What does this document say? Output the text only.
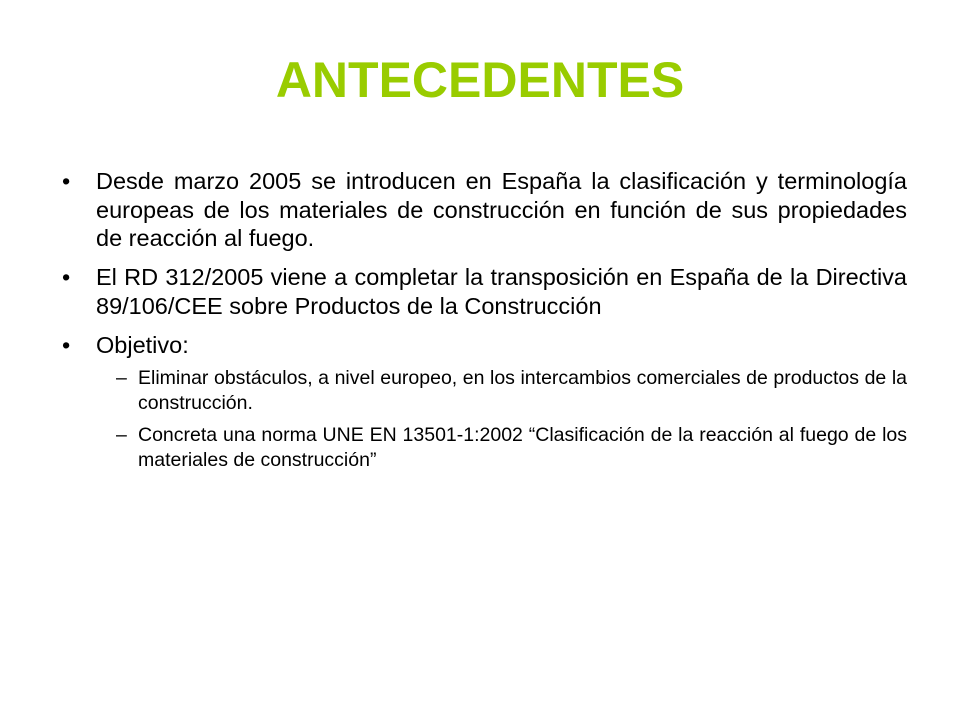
ANTECEDENTES
• Desde marzo 2005 se introducen en España la clasificación y terminología europeas de los materiales de construcción en función de sus propiedades de reacción al fuego.
• El RD 312/2005 viene a completar la transposición en España de la Directiva 89/106/CEE sobre Productos de la Construcción
• Objetivo:
– Eliminar obstáculos, a nivel europeo, en los intercambios comerciales de productos de la construcción.
– Concreta una norma UNE EN 13501-1:2002 “Clasificación de la reacción al fuego de los materiales de construcción”
